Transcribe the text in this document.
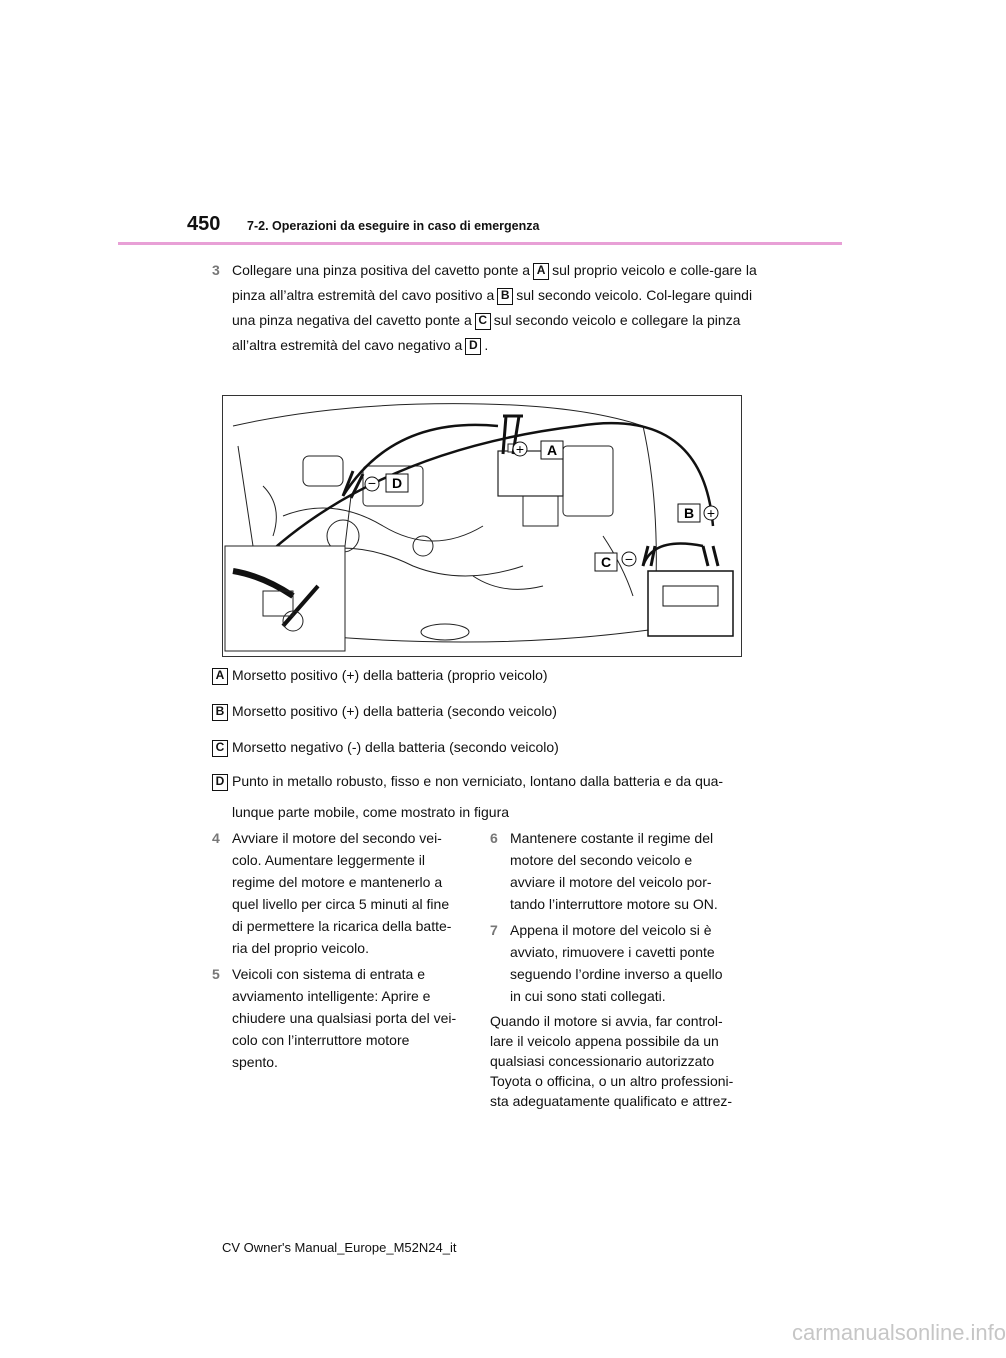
450 7-2. Operazioni da eseguire in caso di emergenza
3 Collegare una pinza positiva del cavetto ponte a A sul proprio veicolo e colle-gare la pinza all’altra estremità del cavo positivo a B sul secondo veicolo. Col-legare quindi una pinza negativa del cavetto ponte a C sul secondo veicolo e collegare la pinza all’altra estremità del cavo negativo a D .
+ A
− D
B +
C −
A Morsetto positivo (+) della batteria (proprio veicolo)
B Morsetto positivo (+) della batteria (secondo veicolo)
C Morsetto negativo (-) della batteria (secondo veicolo)
D Punto in metallo robusto, fisso e non verniciato, lontano dalla batteria e da qua-
lunque parte mobile, come mostrato in figura
4 Avviare il motore del secondo vei-

colo. Aumentare leggermente il

regime del motore e mantenerlo a

quel livello per circa 5 minuti al fine

di permettere la ricarica della batte-

ria del proprio veicolo.

5 Veicoli con sistema di entrata e

avviamento intelligente: Aprire e

chiudere una qualsiasi porta del vei-

colo con l’interruttore motore

spento.

6 Mantenere costante il regime del

motore del secondo veicolo e

avviare il motore del veicolo por-

tando l’interruttore motore su ON.

7 Appena il motore del veicolo si è

avviato, rimuovere i cavetti ponte

seguendo l’ordine inverso a quello

in cui sono stati collegati.

Quando il motore si avvia, far control-

lare il veicolo appena possibile da un

qualsiasi concessionario autorizzato

Toyota o officina, o un altro professioni-

sta adeguatamente qualificato e attrez-

CV Owner's Manual_Europe_M52N24_it
carmanualsonline.info
